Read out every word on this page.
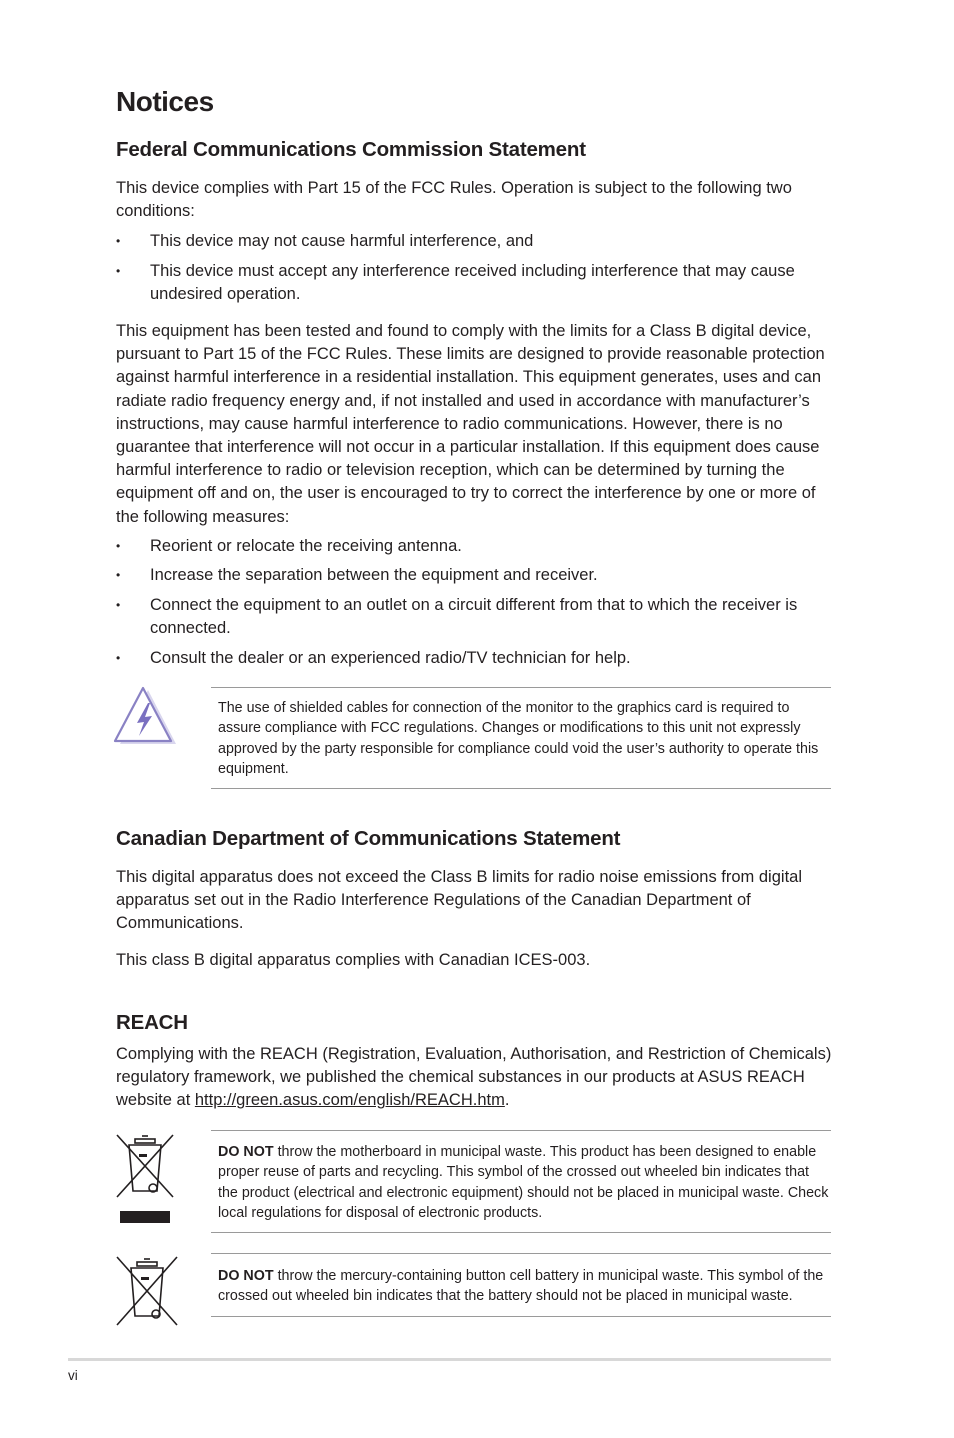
Notices
Federal Communications Commission Statement

This device complies with Part 15 of the FCC Rules. Operation is subject to the following two conditions:

• This device may not cause harmful interference, and
• This device must accept any interference received including interference that may cause undesired operation.

This equipment has been tested and found to comply with the limits for a Class B digital device, pursuant to Part 15 of the FCC Rules. These limits are designed to provide reasonable protection against harmful interference in a residential installation. This equipment generates, uses and can radiate radio frequency energy and, if not installed and used in accordance with manufacturer’s instructions, may cause harmful interference to radio communications. However, there is no guarantee that interference will not occur in a particular installation. If this equipment does cause harmful interference to radio or television reception, which can be determined by turning the equipment off and on, the user is encouraged to try to correct the interference by one or more of the following measures:

• Reorient or relocate the receiving antenna.
• Increase the separation between the equipment and receiver.
• Connect the equipment to an outlet on a circuit different from that to which the receiver is connected.
• Consult the dealer or an experienced radio/TV technician for help.

The use of shielded cables for connection of the monitor to the graphics card is required to assure compliance with FCC regulations. Changes or modifications to this unit not expressly approved by the party responsible for compliance could void the user’s authority to operate this equipment.

Canadian Department of Communications Statement

This digital apparatus does not exceed the Class B limits for radio noise emissions from digital apparatus set out in the Radio Interference Regulations of the Canadian Department of Communications.

This class B digital apparatus complies with Canadian ICES-003.

REACH

Complying with the REACH (Registration, Evaluation, Authorisation, and Restriction of Chemicals) regulatory framework, we published the chemical substances in our products at ASUS REACH website at http://green.asus.com/english/REACH.htm.

DO NOT throw the motherboard in municipal waste. This product has been designed to enable proper reuse of parts and recycling. This symbol of the crossed out wheeled bin indicates that the product (electrical and electronic equipment) should not be placed in municipal waste. Check local regulations for disposal of electronic products.

DO NOT throw the mercury-containing button cell battery in municipal waste. This symbol of the crossed out wheeled bin indicates that the battery should not be placed in municipal waste.

vi
